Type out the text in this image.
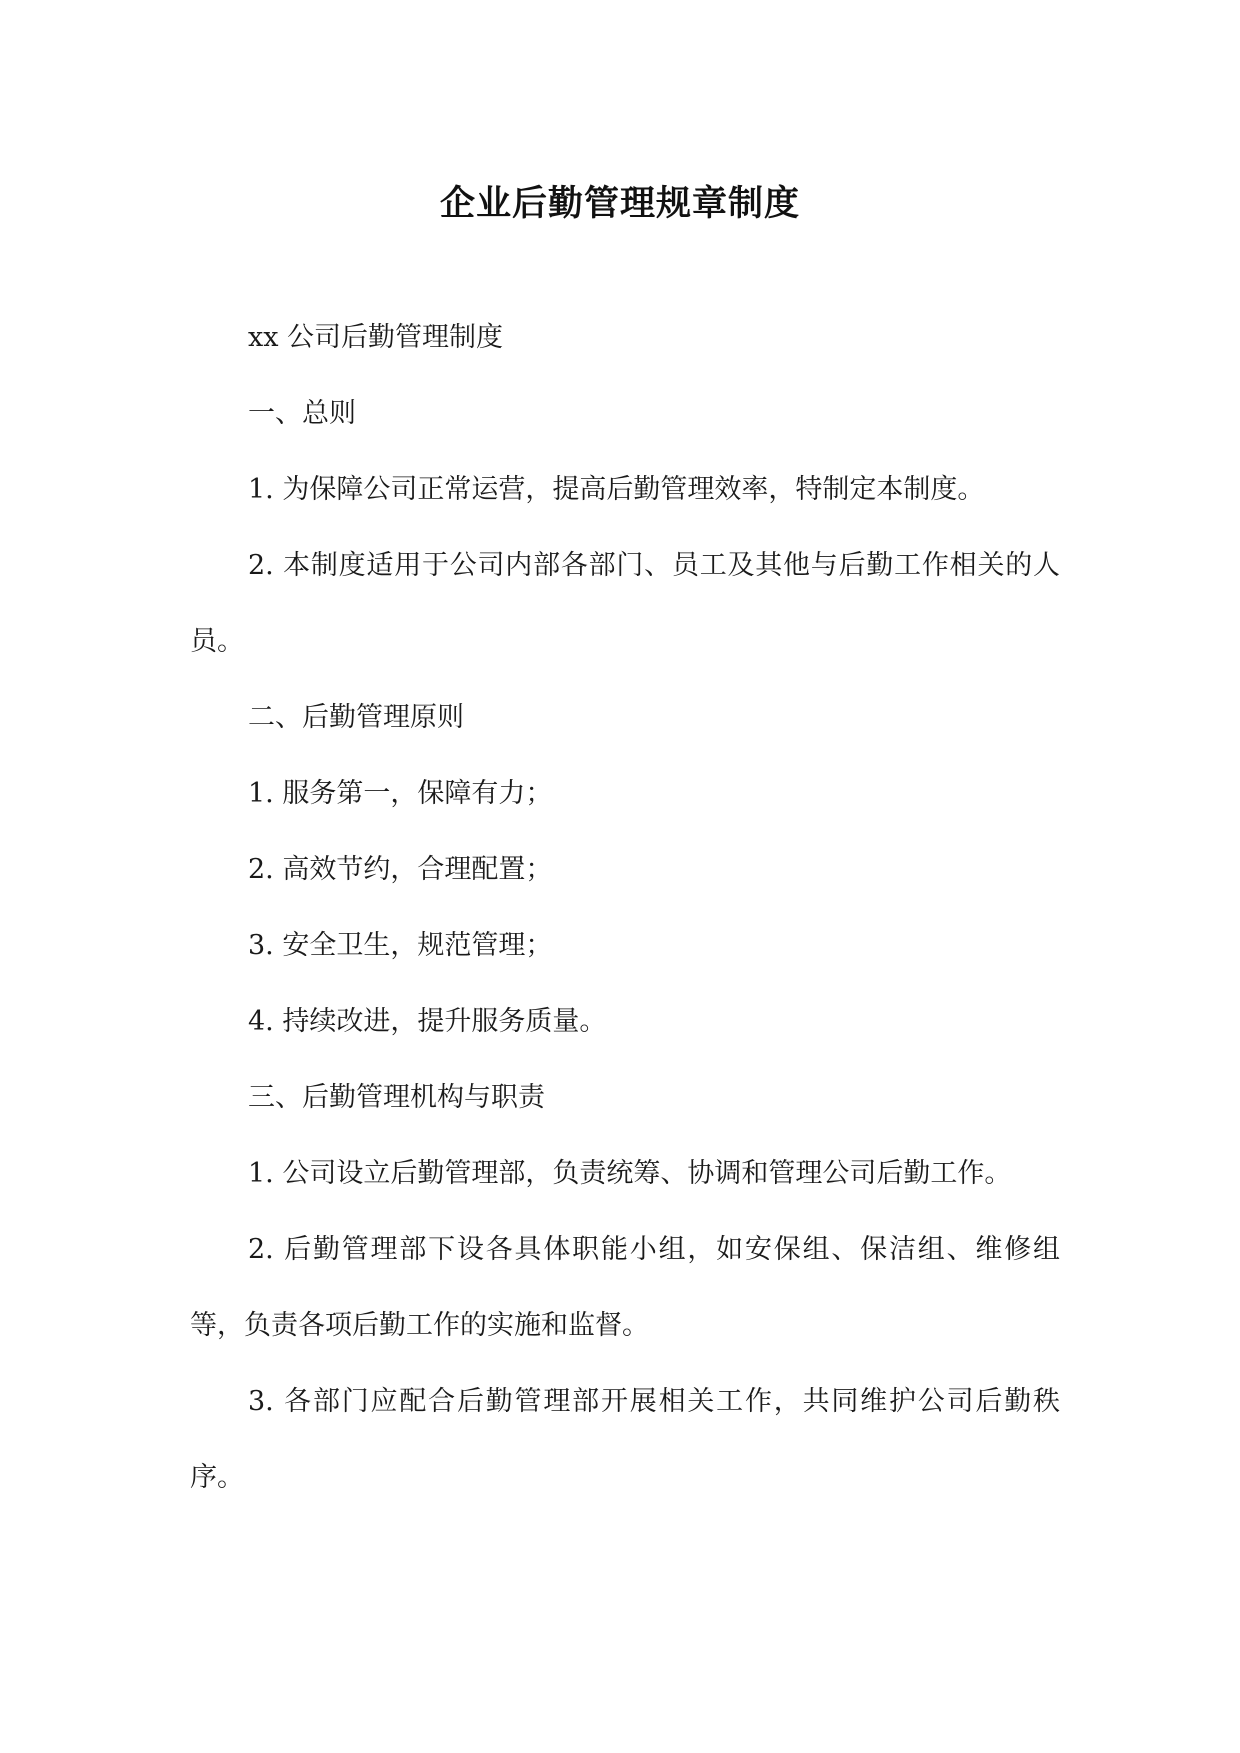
企业后勤管理规章制度

xx 公司后勤管理制度

一、总则

1. 为保障公司正常运营，提高后勤管理效率，特制定本制度。

2. 本制度适用于公司内部各部门、员工及其他与后勤工作相关的人员。

二、后勤管理原则

1. 服务第一，保障有力；

2. 高效节约，合理配置；

3. 安全卫生，规范管理；

4. 持续改进，提升服务质量。

三、后勤管理机构与职责

1. 公司设立后勤管理部，负责统筹、协调和管理公司后勤工作。

2. 后勤管理部下设各具体职能小组，如安保组、保洁组、维修组等，负责各项后勤工作的实施和监督。

3. 各部门应配合后勤管理部开展相关工作，共同维护公司后勤秩序。
